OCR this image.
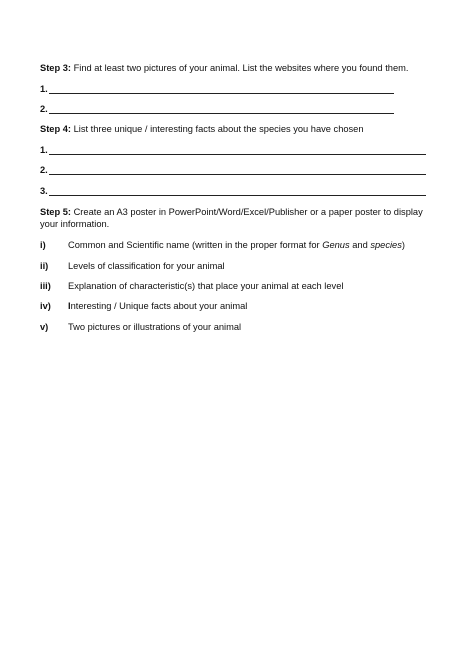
Step 3: Find at least two pictures of your animal. List the websites where you found them.
1.
2.
Step 4: List three unique / interesting facts about the species you have chosen
1.
2.
3.
Step 5: Create an A3 poster in PowerPoint/Word/Excel/Publisher or a paper poster to display
your information.
i) Common and Scientific name (written in the proper format for Genus and species)
ii) Levels of classification for your animal
iii) Explanation of characteristic(s) that place your animal at each level
iv) Interesting / Unique facts about your animal
v) Two pictures or illustrations of your animal
